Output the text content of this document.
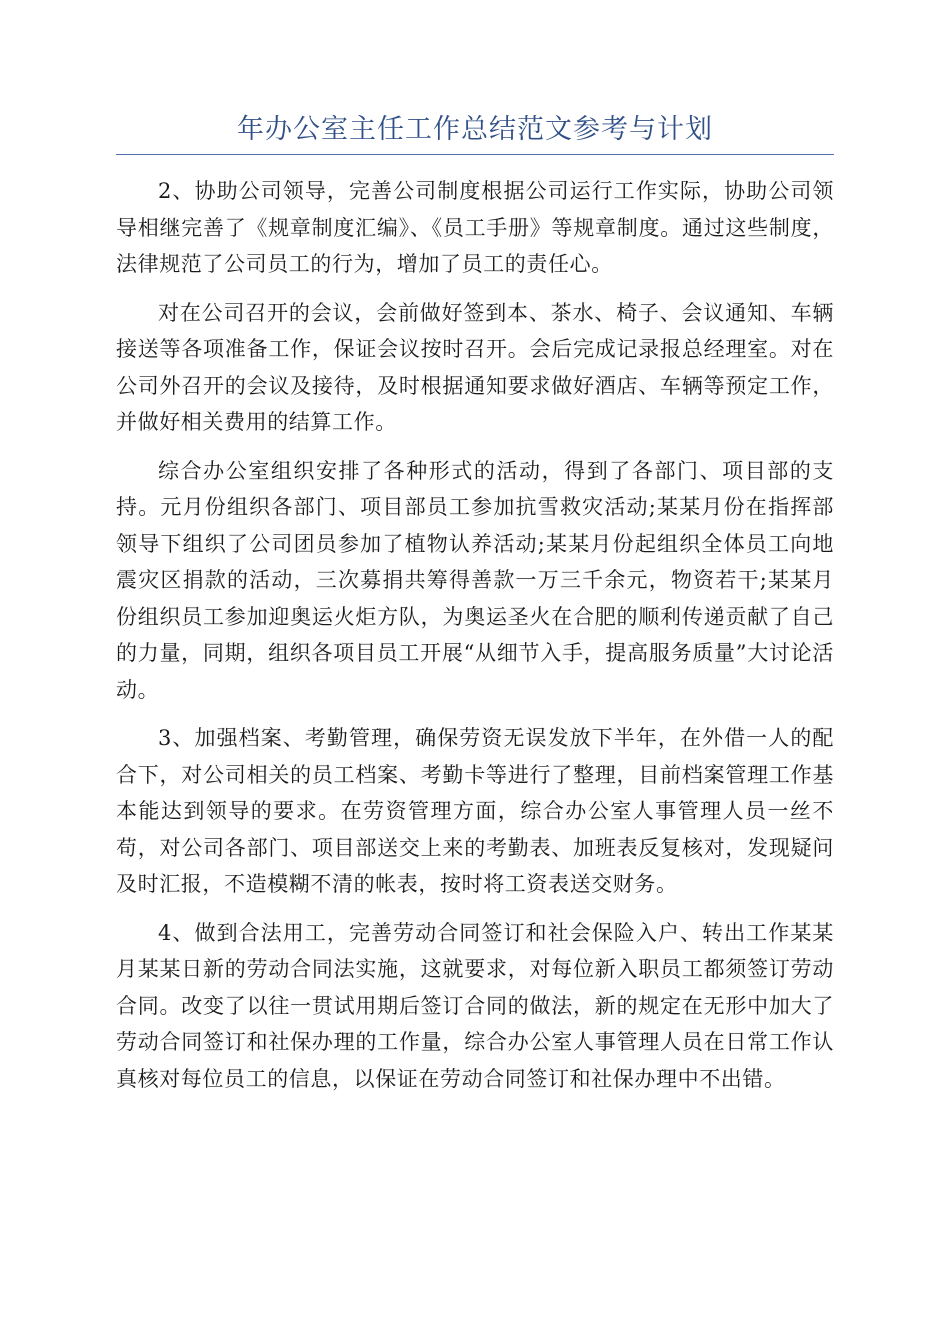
年办公室主任工作总结范文参考与计划

2、协助公司领导，完善公司制度根据公司运行工作实际，协助公司领导相继完善了《规章制度汇编》、《员工手册》等规章制度。通过这些制度，法律规范了公司员工的行为，增加了员工的责任心。

对在公司召开的会议，会前做好签到本、茶水、椅子、会议通知、车辆接送等各项准备工作，保证会议按时召开。会后完成记录报总经理室。对在公司外召开的会议及接待，及时根据通知要求做好酒店、车辆等预定工作，并做好相关费用的结算工作。

综合办公室组织安排了各种形式的活动，得到了各部门、项目部的支持。元月份组织各部门、项目部员工参加抗雪救灾活动;某某月份在指挥部领导下组织了公司团员参加了植物认养活动;某某月份起组织全体员工向地震灾区捐款的活动，三次募捐共筹得善款一万三千余元，物资若干;某某月份组织员工参加迎奥运火炬方队，为奥运圣火在合肥的顺利传递贡献了自己的力量，同期，组织各项目员工开展“从细节入手，提高服务质量”大讨论活动。

3、加强档案、考勤管理，确保劳资无误发放下半年，在外借一人的配合下，对公司相关的员工档案、考勤卡等进行了整理，目前档案管理工作基本能达到领导的要求。在劳资管理方面，综合办公室人事管理人员一丝不苟，对公司各部门、项目部送交上来的考勤表、加班表反复核对，发现疑问及时汇报，不造模糊不清的帐表，按时将工资表送交财务。

4、做到合法用工，完善劳动合同签订和社会保险入户、转出工作某某月某某日新的劳动合同法实施，这就要求，对每位新入职员工都须签订劳动合同。改变了以往一贯试用期后签订合同的做法，新的规定在无形中加大了劳动合同签订和社保办理的工作量，综合办公室人事管理人员在日常工作认真核对每位员工的信息，以保证在劳动合同签订和社保办理中不出错。
